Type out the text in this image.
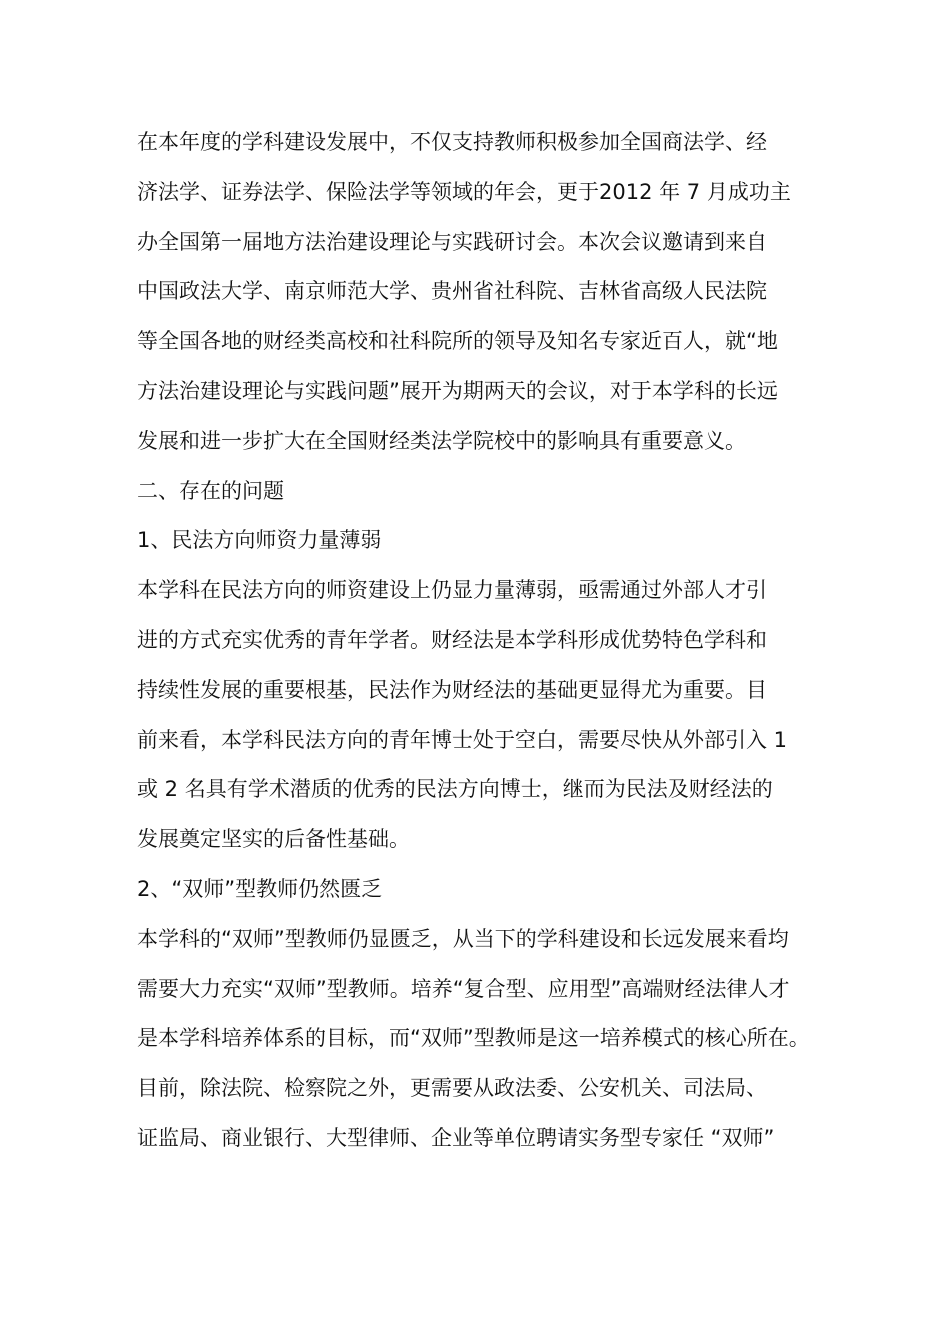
在本年度的学科建设发展中，不仅支持教师积极参加全国商法学、经
济法学、证券法学、保险法学等领域的年会，更于2012 年 7 月成功主
办全国第一届地方法治建设理论与实践研讨会。本次会议邀请到来自
中国政法大学、南京师范大学、贵州省社科院、吉林省高级人民法院
等全国各地的财经类高校和社科院所的领导及知名专家近百人，就“地
方法治建设理论与实践问题”展开为期两天的会议，对于本学科的长远
发展和进一步扩大在全国财经类法学院校中的影响具有重要意义。
二、存在的问题
1、民法方向师资力量薄弱
本学科在民法方向的师资建设上仍显力量薄弱，亟需通过外部人才引
进的方式充实优秀的青年学者。财经法是本学科形成优势特色学科和
持续性发展的重要根基，民法作为财经法的基础更显得尤为重要。目
前来看，本学科民法方向的青年博士处于空白，需要尽快从外部引入 1
或 2 名具有学术潜质的优秀的民法方向博士，继而为民法及财经法的
发展奠定坚实的后备性基础。
2、“双师”型教师仍然匮乏
本学科的“双师”型教师仍显匮乏，从当下的学科建设和长远发展来看均
需要大力充实“双师”型教师。培养“复合型、应用型”高端财经法律人才
是本学科培养体系的目标，而“双师”型教师是这一培养模式的核心所在。
目前，除法院、检察院之外，更需要从政法委、公安机关、司法局、
证监局、商业银行、大型律师、企业等单位聘请实务型专家任 “双师”
